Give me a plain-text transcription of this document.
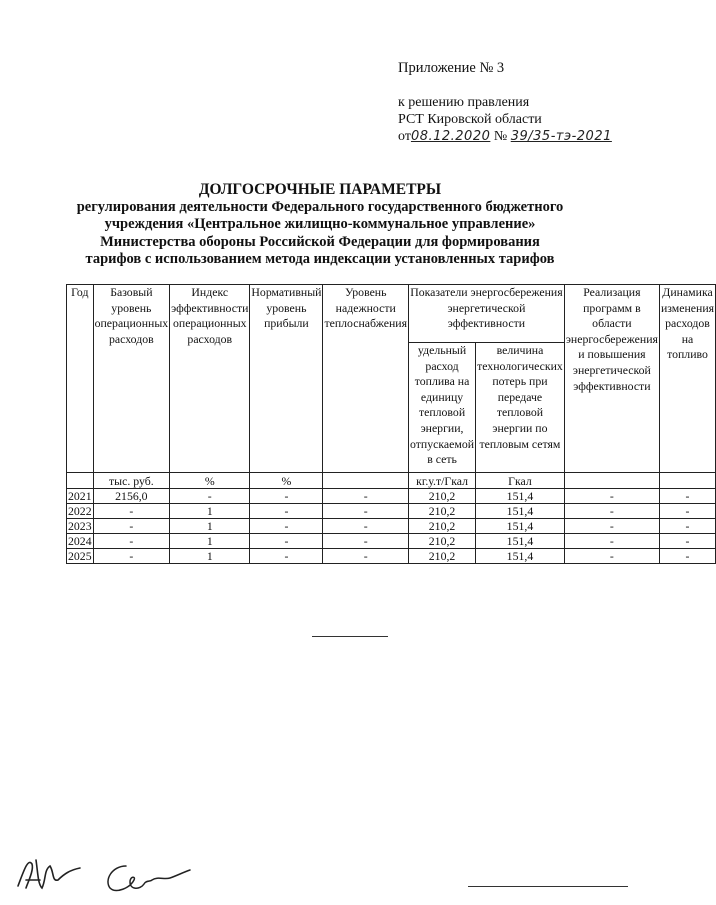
Приложение № 3
к решению правления
РСТ Кировской области
от08.12.2020 № 39/35-тэ-2021
ДОЛГОСРОЧНЫЕ ПАРАМЕТРЫ
регулирования деятельности Федерального государственного бюджетного
учреждения «Центральное жилищно-коммунальное управление»
Министерства обороны Российской Федерации для формирования
тарифов с использованием метода индексации установленных тарифов
Год	Базовый уровень операционных расходов	Индекс эффективности операционных расходов	Нормативный уровень прибыли	Уровень надежности теплоснабжения	Показатели энергосбережения энергетической эффективности		Реализация программ в области энергосбережения и повышения энергетической эффективности	Динамика изменения расходов на топливо
					удельный расход топлива на единицу тепловой энергии, отпускаемой в сеть	величина технологических потерь при передаче тепловой энергии по тепловым сетям		
	тыс. руб.	%	%		кг.у.т/Гкал	Гкал		
2021	2156,0	-	-	-	210,2	151,4	-	-
2022	-	1	-	-	210,2	151,4	-	-
2023	-	1	-	-	210,2	151,4	-	-
2024	-	1	-	-	210,2	151,4	-	-
2025	-	1	-	-	210,2	151,4	-	-
